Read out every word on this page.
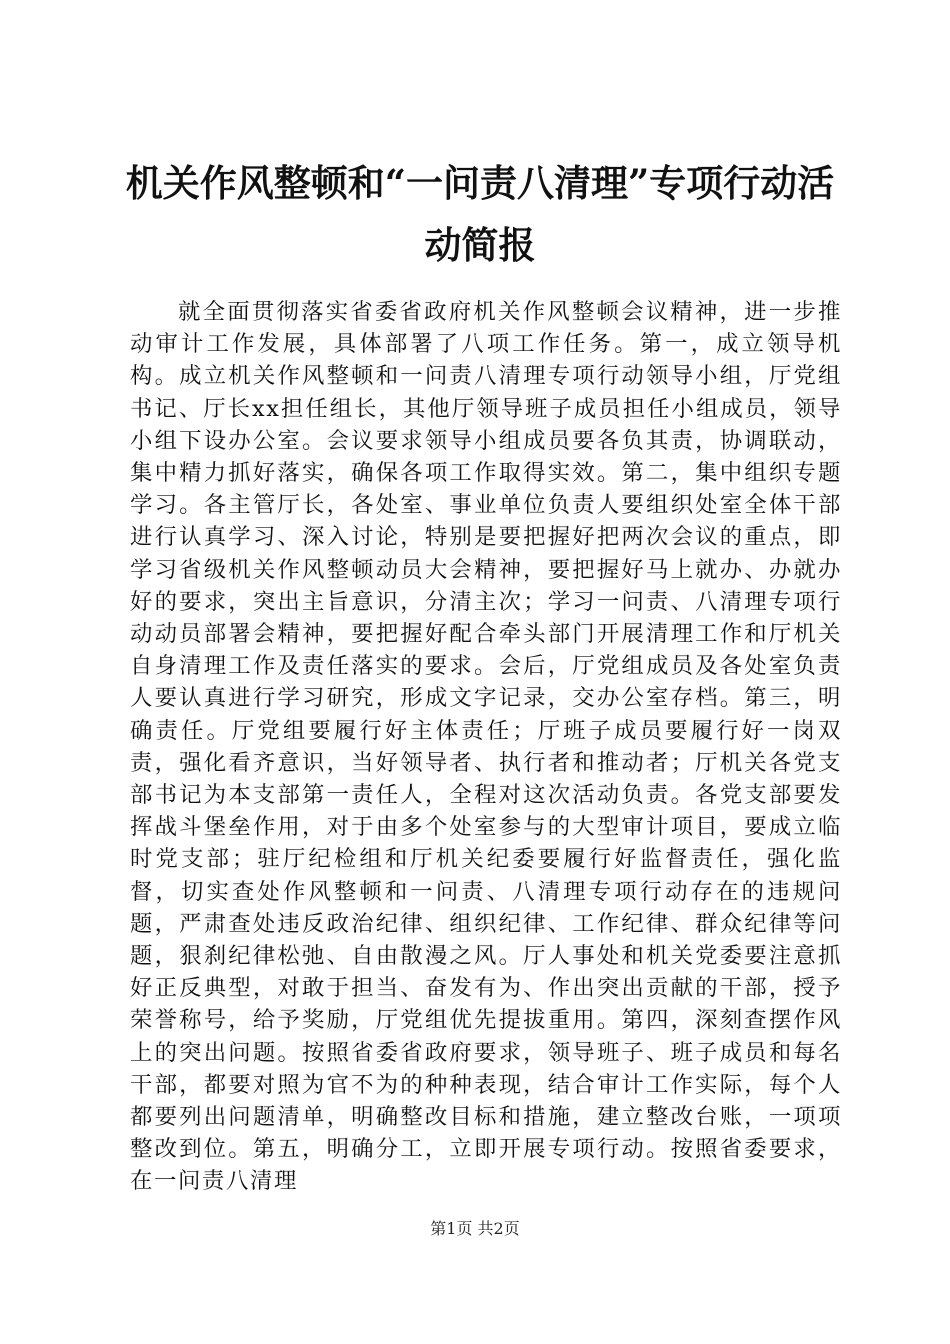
机关作风整顿和“一问责八清理”专项行动活动简报

就全面贯彻落实省委省政府机关作风整顿会议精神，进一步推动审计工作发展，具体部署了八项工作任务。第一，成立领导机构。成立机关作风整顿和一问责八清理专项行动领导小组，厅党组书记、厅长xx担任组长，其他厅领导班子成员担任小组成员，领导小组下设办公室。会议要求领导小组成员要各负其责，协调联动，集中精力抓好落实，确保各项工作取得实效。第二，集中组织专题学习。各主管厅长，各处室、事业单位负责人要组织处室全体干部进行认真学习、深入讨论，特别是要把握好把两次会议的重点，即学习省级机关作风整顿动员大会精神，要把握好马上就办、办就办好的要求，突出主旨意识，分清主次；学习一问责、八清理专项行动动员部署会精神，要把握好配合牵头部门开展清理工作和厅机关自身清理工作及责任落实的要求。会后，厅党组成员及各处室负责人要认真进行学习研究，形成文字记录，交办公室存档。第三，明确责任。厅党组要履行好主体责任；厅班子成员要履行好一岗双责，强化看齐意识，当好领导者、执行者和推动者；厅机关各党支部书记为本支部第一责任人，全程对这次活动负责。各党支部要发挥战斗堡垒作用，对于由多个处室参与的大型审计项目，要成立临时党支部；驻厅纪检组和厅机关纪委要履行好监督责任，强化监督，切实查处作风整顿和一问责、八清理专项行动存在的违规问题，严肃查处违反政治纪律、组织纪律、工作纪律、群众纪律等问题，狠刹纪律松弛、自由散漫之风。厅人事处和机关党委要注意抓好正反典型，对敢于担当、奋发有为、作出突出贡献的干部，授予荣誉称号，给予奖励，厅党组优先提拔重用。第四，深刻查摆作风上的突出问题。按照省委省政府要求，领导班子、班子成员和每名干部，都要对照为官不为的种种表现，结合审计工作实际，每个人都要列出问题清单，明确整改目标和措施，建立整改台账，一项项整改到位。第五，明确分工，立即开展专项行动。按照省委要求，在一问责八清理

第1页 共2页
